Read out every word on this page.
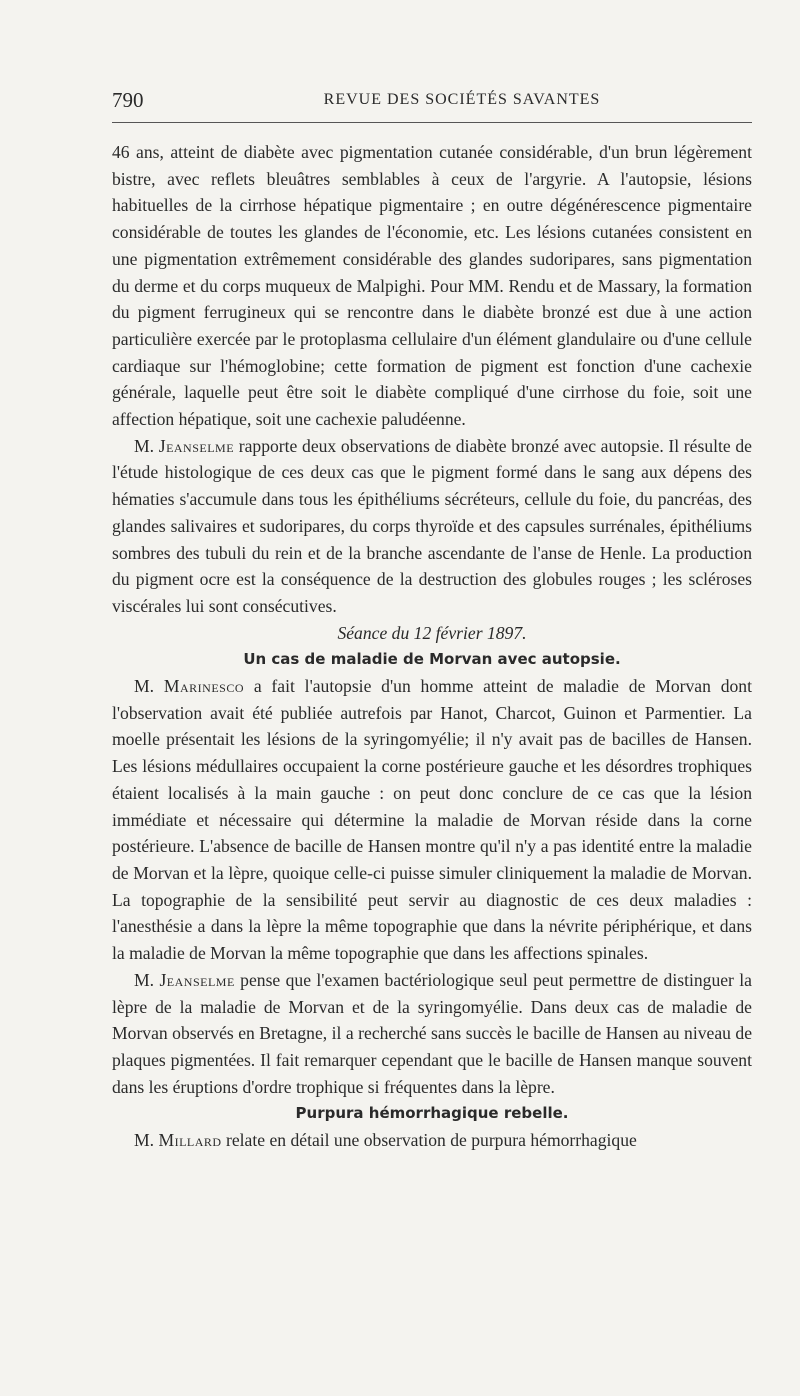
790	REVUE DES SOCIÉTÉS SAVANTES

46 ans, atteint de diabète avec pigmentation cutanée considérable, d'un brun légèrement bistre, avec reflets bleuâtres semblables à ceux de l'argyrie. A l'autopsie, lésions habituelles de la cirrhose hépatique pigmentaire ; en outre dégénérescence pigmentaire considérable de toutes les glandes de l'économie, etc. Les lésions cutanées consistent en une pigmentation extrêmement considérable des glandes sudoripares, sans pigmentation du derme et du corps muqueux de Malpighi. Pour MM. Rendu et de Massary, la formation du pigment ferrugineux qui se rencontre dans le diabète bronzé est due à une action particulière exercée par le protoplasma cellulaire d'un élément glandulaire ou d'une cellule cardiaque sur l'hémoglobine; cette formation de pigment est fonction d'une cachexie générale, laquelle peut être soit le diabète compliqué d'une cirrhose du foie, soit une affection hépatique, soit une cachexie paludéenne.

M. Jeanselme rapporte deux observations de diabète bronzé avec autopsie. Il résulte de l'étude histologique de ces deux cas que le pigment formé dans le sang aux dépens des hématies s'accumule dans tous les épithéliums sécréteurs, cellule du foie, du pancréas, des glandes salivaires et sudoripares, du corps thyroïde et des capsules surrénales, épithéliums sombres des tubuli du rein et de la branche ascendante de l'anse de Henle. La production du pigment ocre est la conséquence de la destruction des globules rouges ; les scléroses viscérales lui sont consécutives.

Séance du 12 février 1897.

Un cas de maladie de Morvan avec autopsie.

M. Marinesco a fait l'autopsie d'un homme atteint de maladie de Morvan dont l'observation avait été publiée autrefois par Hanot, Charcot, Guinon et Parmentier. La moelle présentait les lésions de la syringomyélie; il n'y avait pas de bacilles de Hansen. Les lésions médullaires occupaient la corne postérieure gauche et les désordres trophiques étaient localisés à la main gauche : on peut donc conclure de ce cas que la lésion immédiate et nécessaire qui détermine la maladie de Morvan réside dans la corne postérieure. L'absence de bacille de Hansen montre qu'il n'y a pas identité entre la maladie de Morvan et la lèpre, quoique celle-ci puisse simuler cliniquement la maladie de Morvan. La topographie de la sensibilité peut servir au diagnostic de ces deux maladies : l'anesthésie a dans la lèpre la même topographie que dans la névrite périphérique, et dans la maladie de Morvan la même topographie que dans les affections spinales.

M. Jeanselme pense que l'examen bactériologique seul peut permettre de distinguer la lèpre de la maladie de Morvan et de la syringomyélie. Dans deux cas de maladie de Morvan observés en Bretagne, il a recherché sans succès le bacille de Hansen au niveau de plaques pigmentées. Il fait remarquer cependant que le bacille de Hansen manque souvent dans les éruptions d'ordre trophique si fréquentes dans la lèpre.

Purpura hémorrhagique rebelle.

M. Millard relate en détail une observation de purpura hémorrhagique
